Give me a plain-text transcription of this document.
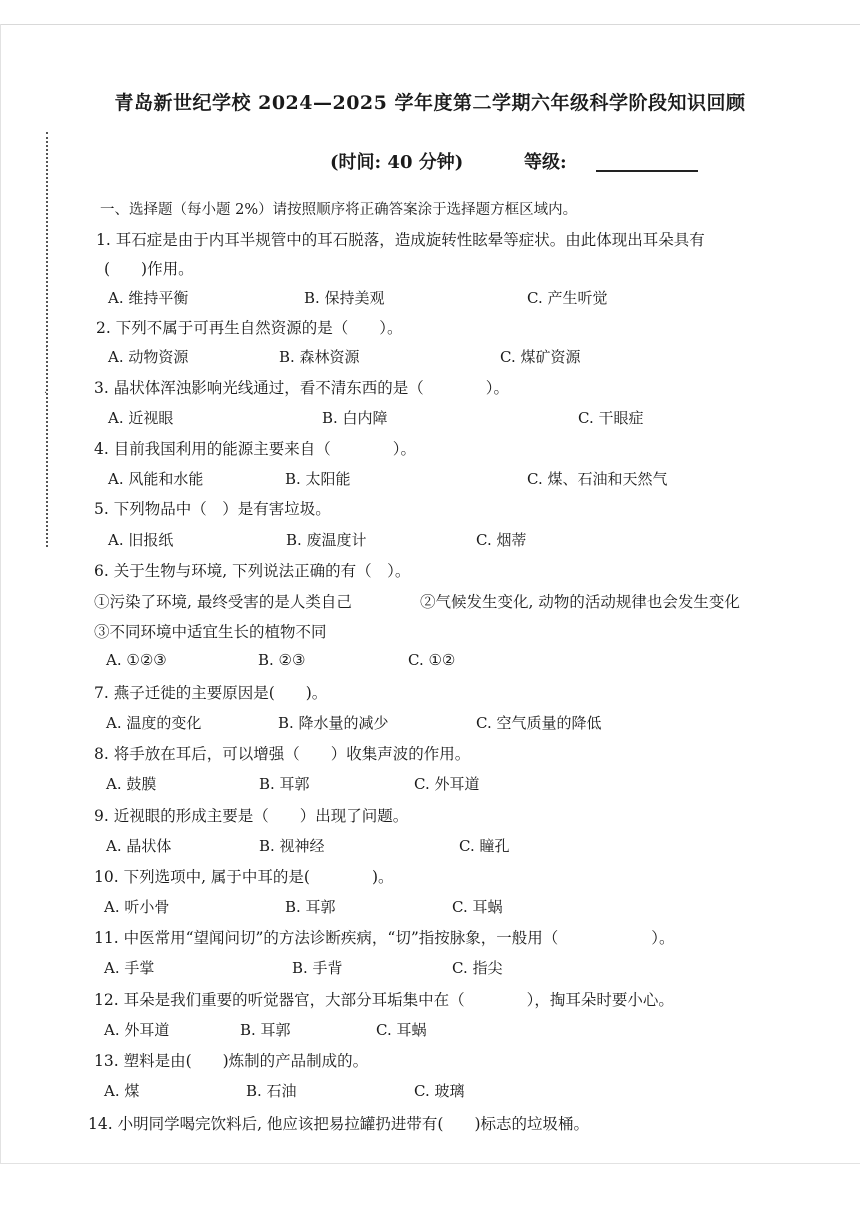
˙
·
青岛新世纪学校 2024—2025 学年度第二学期六年级科学阶段知识回顾
(时间: 40 分钟)	等级:
一、选择题（每小题 2%）请按照顺序将正确答案涂于选择题方框区域内。
1. 耳石症是由于内耳半规管中的耳石脱落，造成旋转性眩晕等症状。由此体现出耳朵具有
(　　)作用。
A. 维持平衡	B. 保持美观	C. 产生听觉
2. 下列不属于可再生自然资源的是（　　）。
A. 动物资源	B. 森林资源	C. 煤矿资源
3. 晶状体浑浊影响光线通过，看不清东西的是（　　　　）。
A. 近视眼	B. 白内障	C. 干眼症
4. 目前我国利用的能源主要来自（　　　　）。
A. 风能和水能	B. 太阳能	C. 煤、石油和天然气
5. 下列物品中（　）是有害垃圾。
A. 旧报纸	B. 废温度计	C. 烟蒂
6. 关于生物与环境, 下列说法正确的有（　）。
①污染了环境, 最终受害的是人类自己	②气候发生变化, 动物的活动规律也会发生变化
③不同环境中适宜生长的植物不同
A. ①②③	B. ②③	C. ①②
7. 燕子迁徙的主要原因是(　　)。
A. 温度的变化	B. 降水量的减少	C. 空气质量的降低
8. 将手放在耳后，可以增强（　　）收集声波的作用。
A. 鼓膜	B. 耳郭	C. 外耳道
9. 近视眼的形成主要是（　　）出现了问题。
A. 晶状体	B. 视神经	C. 瞳孔
10. 下列选项中, 属于中耳的是(　　　　)。
A. 听小骨	B. 耳郭	C. 耳蜗
11. 中医常用“望闻问切”的方法诊断疾病，“切”指按脉象，一般用（　　　　　　）。
A. 手掌	B. 手背	C. 指尖
12. 耳朵是我们重要的听觉器官，大部分耳垢集中在（　　　　），掏耳朵时要小心。
A. 外耳道	B. 耳郭	C. 耳蜗
13. 塑料是由(　　)炼制的产品制成的。
A. 煤	B. 石油	C. 玻璃
14. 小明同学喝完饮料后, 他应该把易拉罐扔进带有(　　)标志的垃圾桶。
